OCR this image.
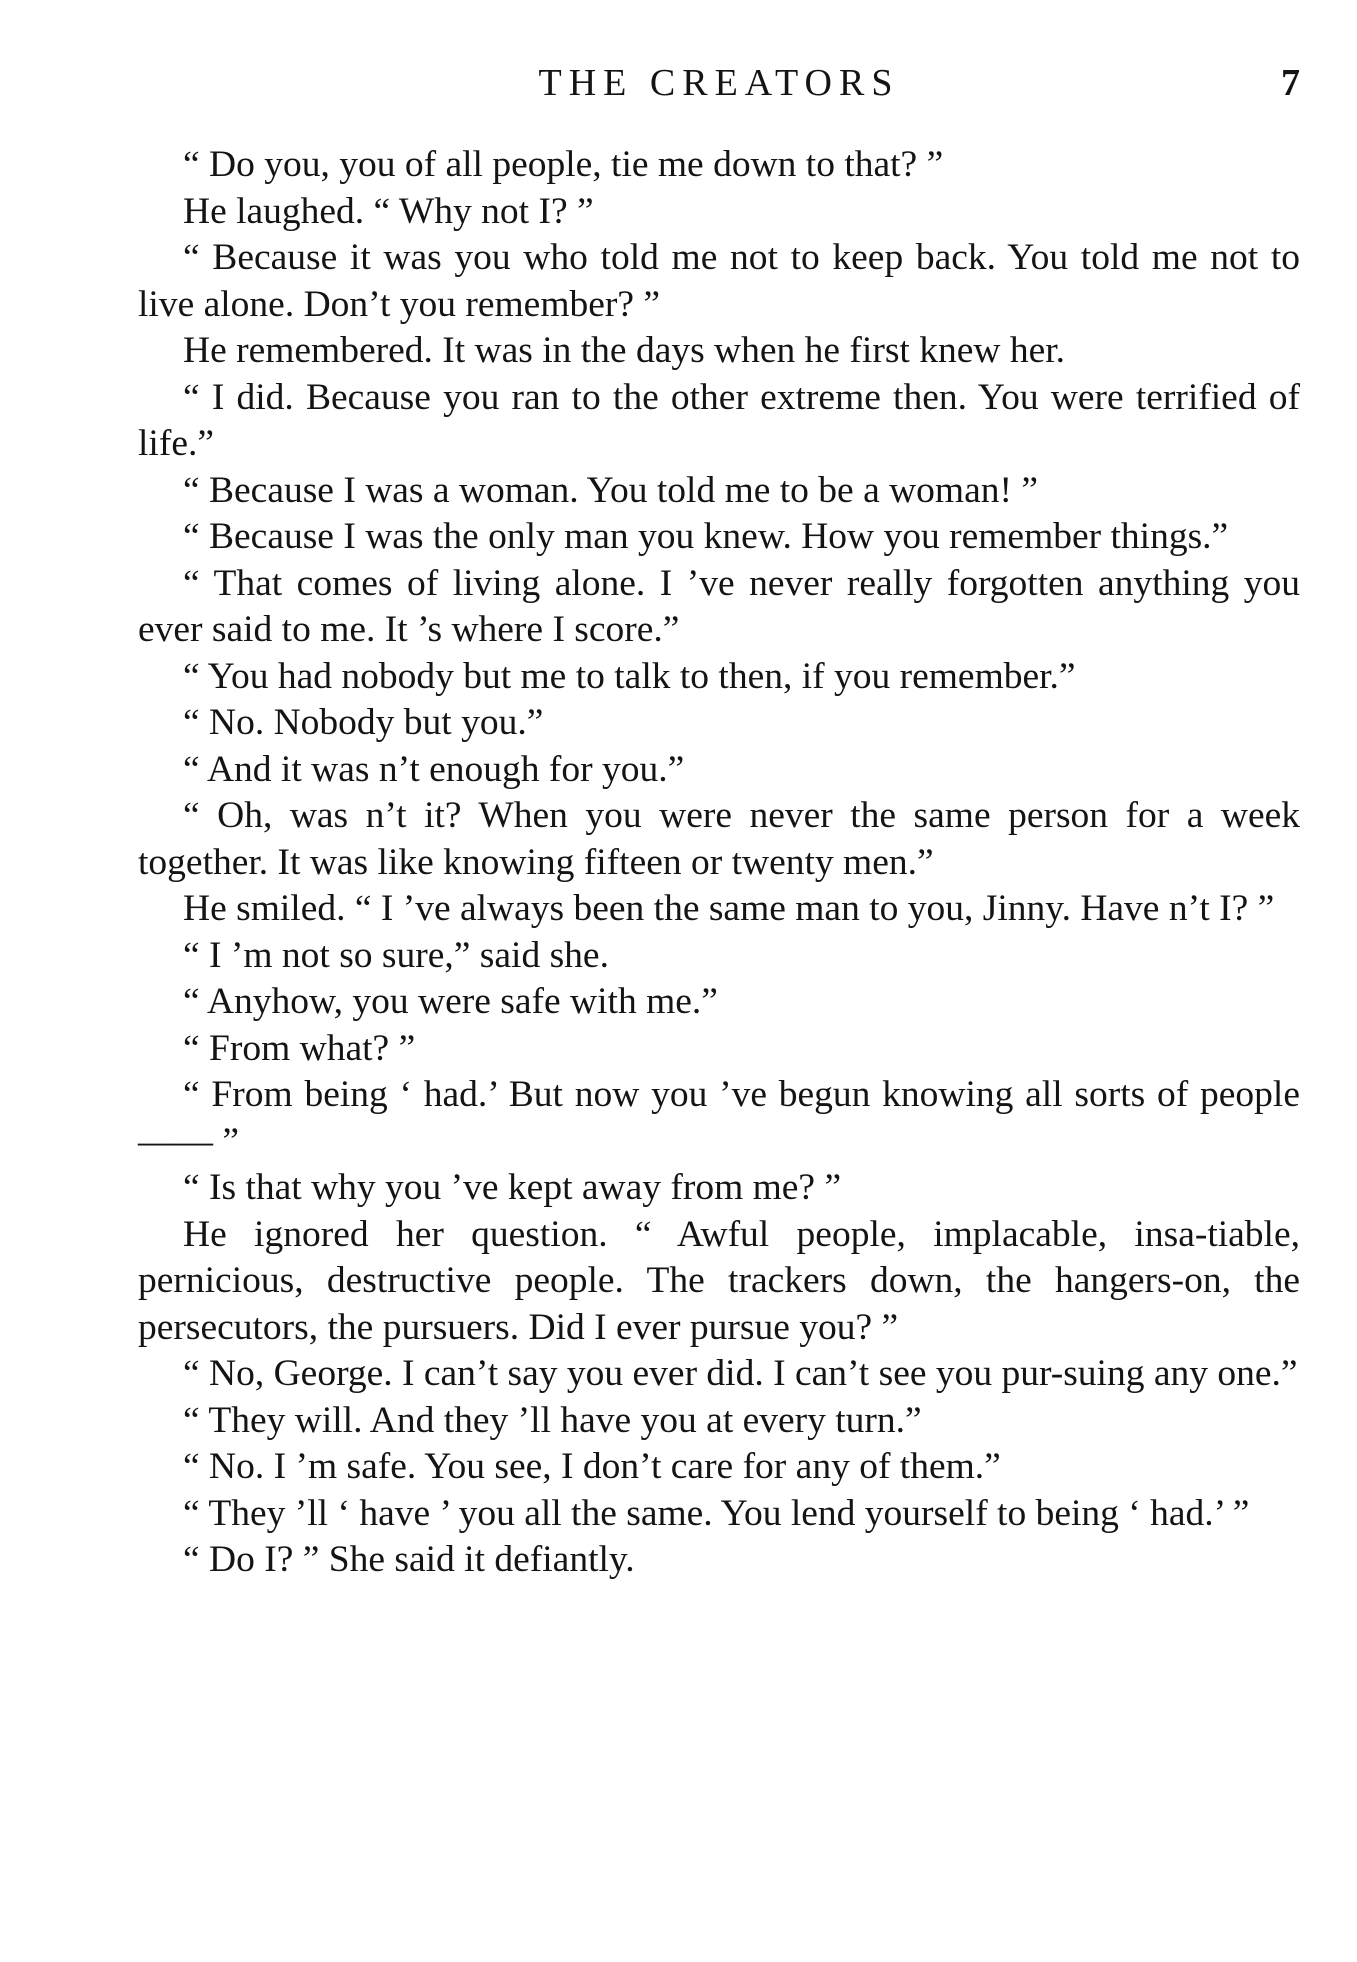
THE CREATORS	7

“ Do you, you of all people, tie me down to that? ”

He laughed. “ Why not I? ”

“ Because it was you who told me not to keep back. You told me not to live alone. Don’t you remember? ”

He remembered. It was in the days when he first knew her.

“ I did. Because you ran to the other extreme then. You were terrified of life.”

“ Because I was a woman. You told me to be a woman! ”

“ Because I was the only man you knew. How you remember things.”

“ That comes of living alone. I ’ve never really forgotten anything you ever said to me. It ’s where I score.”

“ You had nobody but me to talk to then, if you remember.”

“ No. Nobody but you.”

“ And it was n’t enough for you.”

“ Oh, was n’t it? When you were never the same person for a week together. It was like knowing fifteen or twenty men.”

He smiled. “ I ’ve always been the same man to you, Jinny. Have n’t I? ”

“ I ’m not so sure,” said she.

“ Anyhow, you were safe with me.”

“ From what? ”

“ From being ‘ had.’ But now you ’ve begun knowing all sorts of people —— ”

“ Is that why you ’ve kept away from me? ”

He ignored her question. “ Awful people, implacable, insa-tiable, pernicious, destructive people. The trackers down, the hangers-on, the persecutors, the pursuers. Did I ever pursue you? ”

“ No, George. I can’t say you ever did. I can’t see you pur-suing any one.”

“ They will. And they ’ll have you at every turn.”

“ No. I ’m safe. You see, I don’t care for any of them.”

“ They ’ll ‘ have ’ you all the same. You lend yourself to being ‘ had.’ ”

“ Do I? ” She said it defiantly.
